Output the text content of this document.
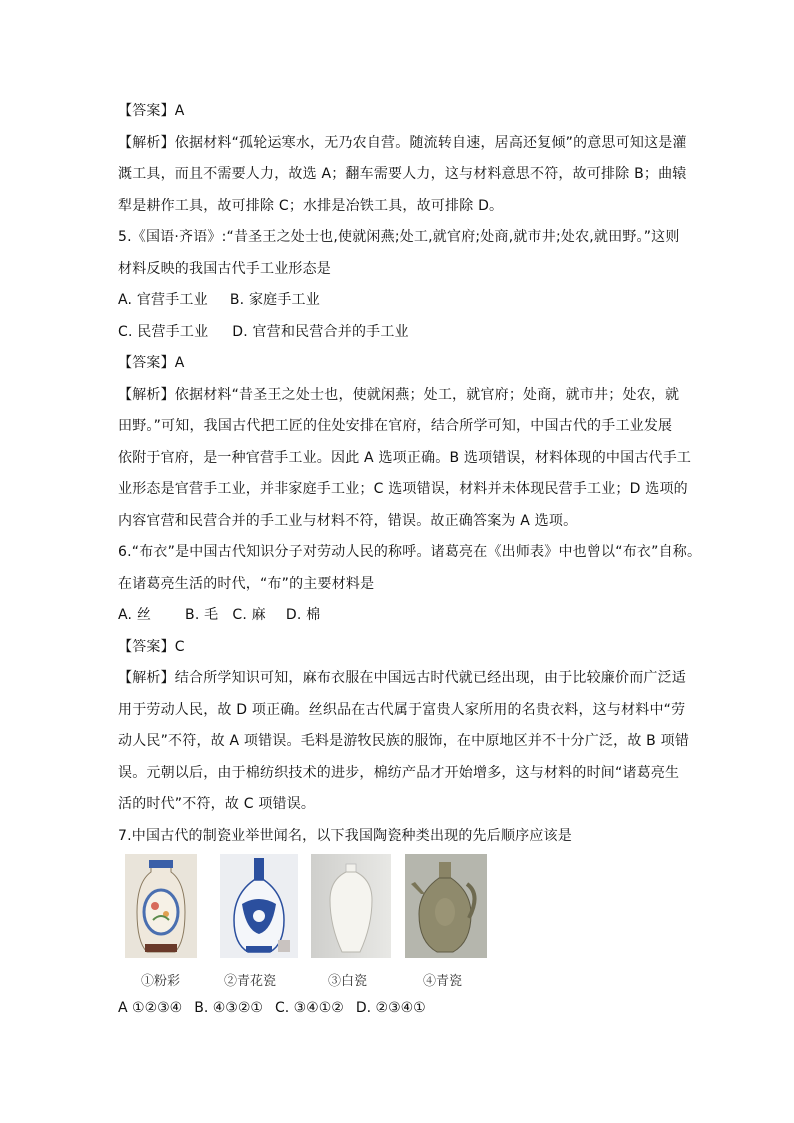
【答案】A
【解析】依据材料“孤轮运寒水，无乃农自营。随流转自速，居高还复倾”的意思可知这是灌
溉工具，而且不需要人力，故选 A；翻车需要人力，这与材料意思不符，故可排除 B；曲辕
犁是耕作工具，故可排除 C；水排是冶铁工具，故可排除 D。
5.《国语·齐语》:“昔圣王之处士也,使就闲燕;处工,就官府;处商,就市井;处农,就田野。”这则
材料反映的我国古代手工业形态是
A. 官营手工业 B. 家庭手工业
C. 民营手工业 D. 官营和民营合并的手工业
【答案】A
【解析】依据材料“昔圣王之处士也，使就闲燕；处工，就官府；处商，就市井；处农，就
田野。”可知，我国古代把工匠的住处安排在官府，结合所学可知，中国古代的手工业发展
依附于官府，是一种官营手工业。因此 A 选项正确。B 选项错误，材料体现的中国古代手工
业形态是官营手工业，并非家庭手工业；C 选项错误，材料并未体现民营手工业；D 选项的
内容官营和民营合并的手工业与材料不符，错误。故正确答案为 A 选项。
6.“布衣”是中国古代知识分子对劳动人民的称呼。诸葛亮在《出师表》中也曾以“布衣”自称。
在诸葛亮生活的时代，“布”的主要材料是
A. 丝 B. 毛 C. 麻 D. 棉
【答案】C
【解析】结合所学知识可知，麻布衣服在中国远古时代就已经出现，由于比较廉价而广泛适
用于劳动人民，故 D 项正确。丝织品在古代属于富贵人家所用的名贵衣料，这与材料中“劳
动人民”不符，故 A 项错误。毛料是游牧民族的服饰，在中原地区并不十分广泛，故 B 项错
误。元朝以后，由于棉纺织技术的进步，棉纺产品才开始增多，这与材料的时间“诸葛亮生
活的时代”不符，故 C 项错误。
7.中国古代的制瓷业举世闻名，以下我国陶瓷种类出现的先后顺序应该是
①粉彩	②青花瓷	③白瓷	④青瓷
A ①②③④ B. ④③②① C. ③④①② D. ②③④①
